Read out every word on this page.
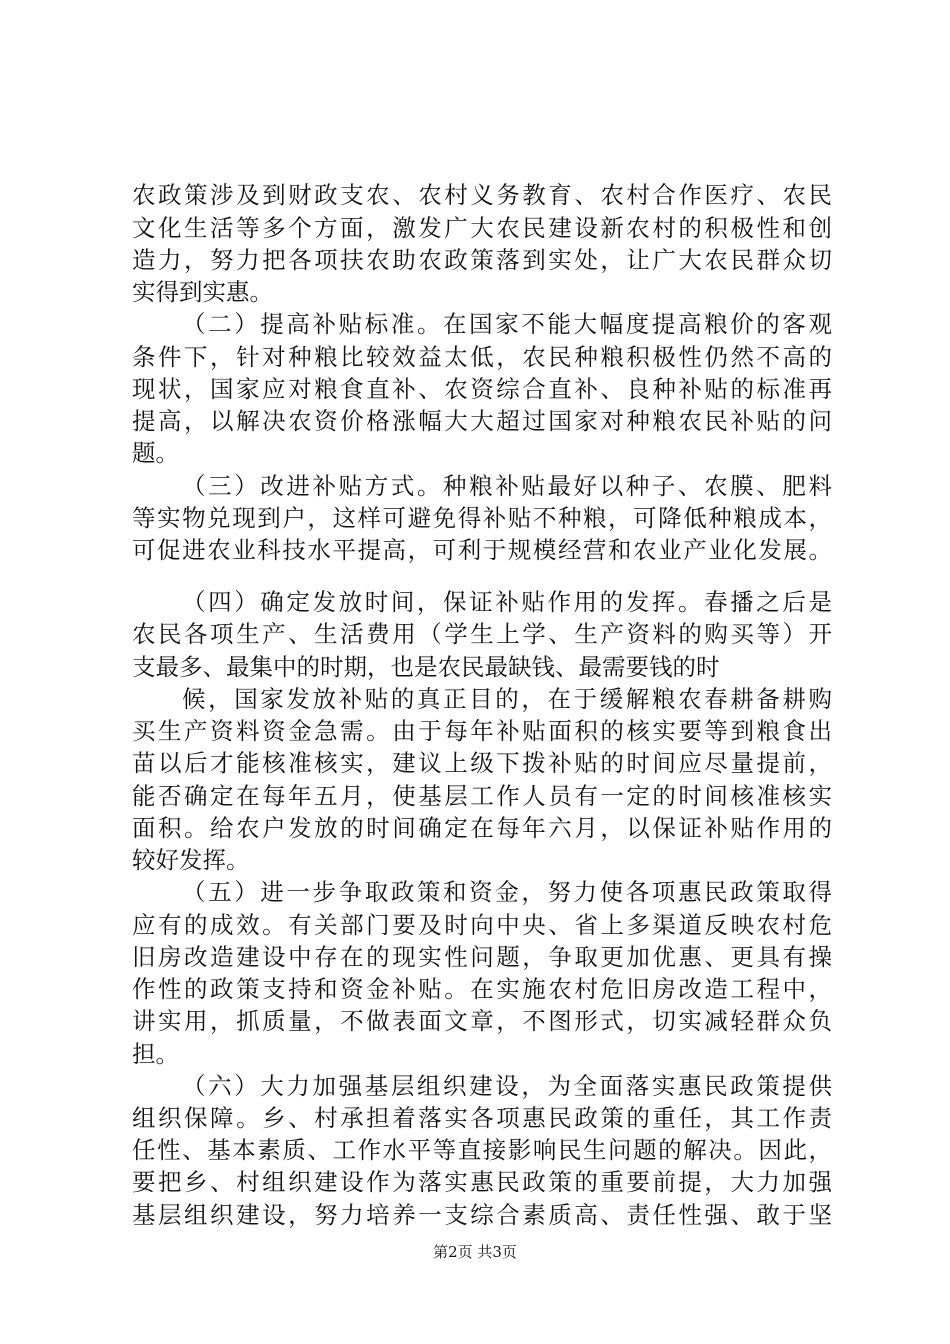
农政策涉及到财政支农、农村义务教育、农村合作医疗、农民
文化生活等多个方面，激发广大农民建设新农村的积极性和创
造力，努力把各项扶农助农政策落到实处，让广大农民群众切
实得到实惠。
（二）提高补贴标准。在国家不能大幅度提高粮价的客观
条件下，针对种粮比较效益太低，农民种粮积极性仍然不高的
现状，国家应对粮食直补、农资综合直补、良种补贴的标准再
提高，以解决农资价格涨幅大大超过国家对种粮农民补贴的问
题。
（三）改进补贴方式。种粮补贴最好以种子、农膜、肥料
等实物兑现到户，这样可避免得补贴不种粮，可降低种粮成本，
可促进农业科技水平提高，可利于规模经营和农业产业化发展。
（四）确定发放时间，保证补贴作用的发挥。春播之后是
农民各项生产、生活费用（学生上学、生产资料的购买等）开
支最多、最集中的时期，也是农民最缺钱、最需要钱的时
候，国家发放补贴的真正目的，在于缓解粮农春耕备耕购
买生产资料资金急需。由于每年补贴面积的核实要等到粮食出
苗以后才能核准核实，建议上级下拨补贴的时间应尽量提前，
能否确定在每年五月，使基层工作人员有一定的时间核准核实
面积。给农户发放的时间确定在每年六月，以保证补贴作用的
较好发挥。
（五）进一步争取政策和资金，努力使各项惠民政策取得
应有的成效。有关部门要及时向中央、省上多渠道反映农村危
旧房改造建设中存在的现实性问题，争取更加优惠、更具有操
作性的政策支持和资金补贴。在实施农村危旧房改造工程中，
讲实用，抓质量，不做表面文章，不图形式，切实减轻群众负
担。
（六）大力加强基层组织建设，为全面落实惠民政策提供
组织保障。乡、村承担着落实各项惠民政策的重任，其工作责
任性、基本素质、工作水平等直接影响民生问题的解决。因此，
要把乡、村组织建设作为落实惠民政策的重要前提，大力加强
基层组织建设，努力培养一支综合素质高、责任性强、敢于坚
第2页 共3页
